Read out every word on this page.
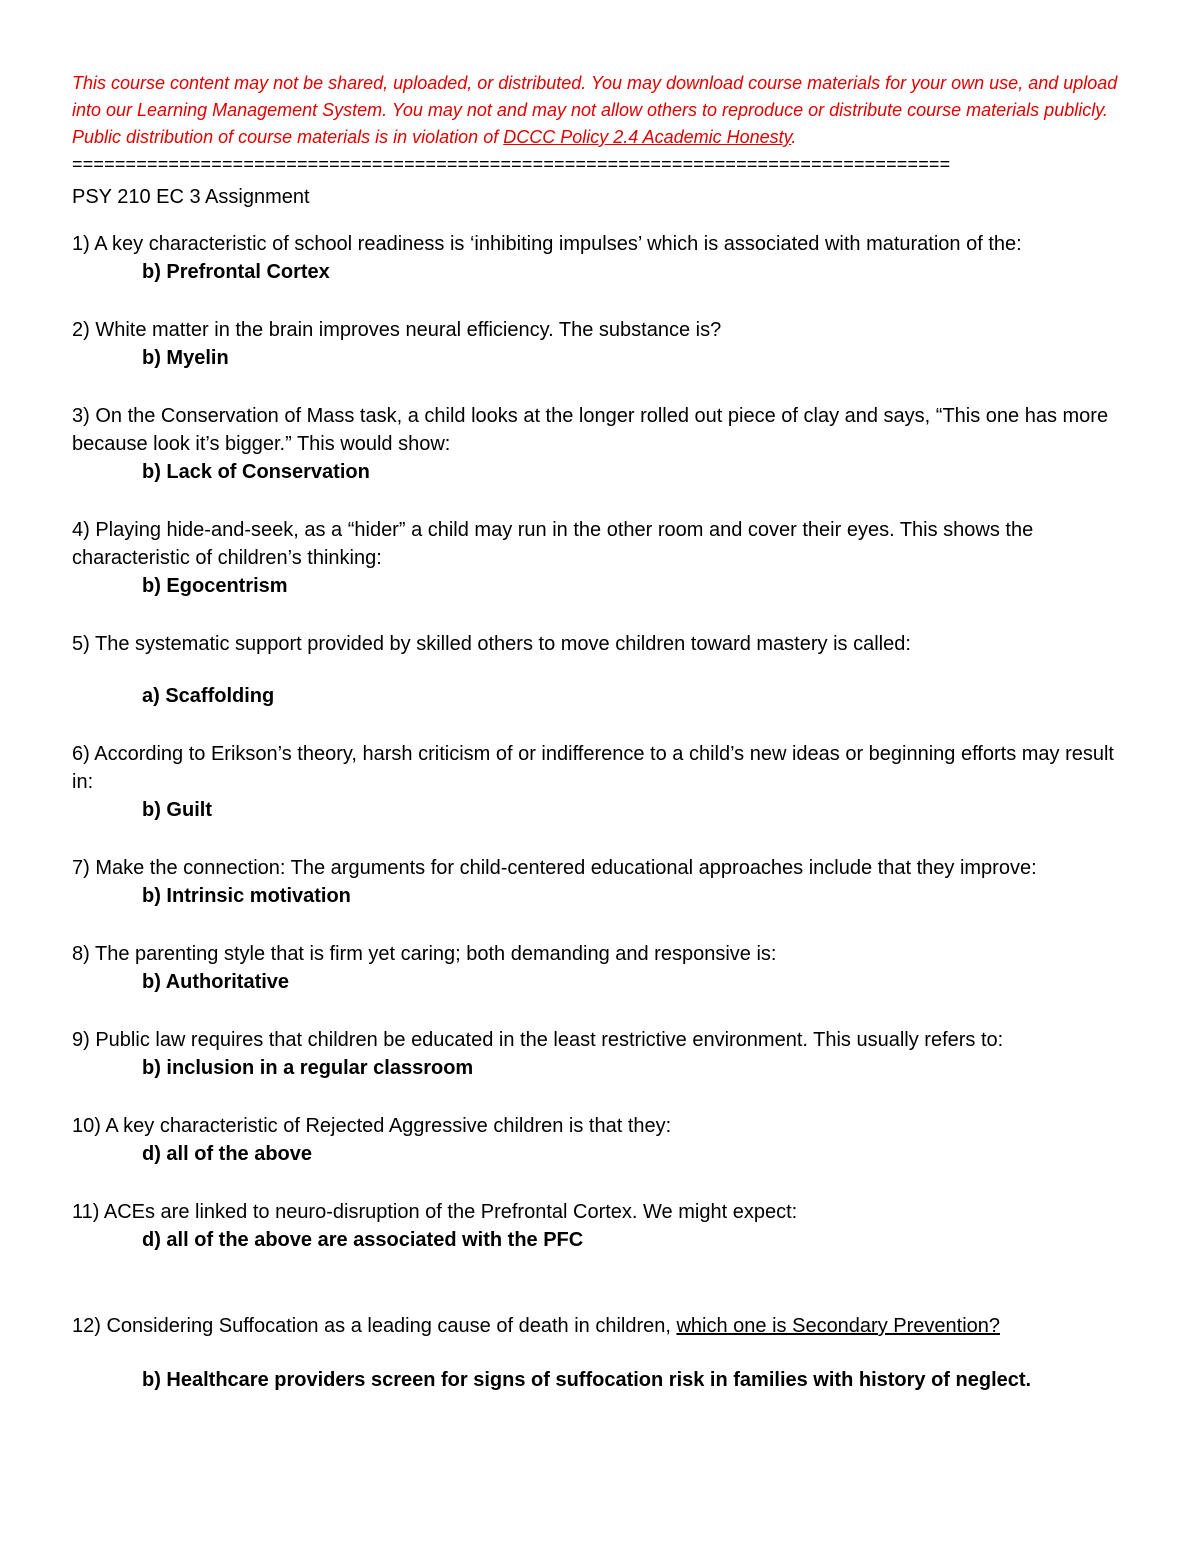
This course content may not be shared, uploaded, or distributed. You may download course materials for your own use, and upload into our Learning Management System. You may not and may not allow others to reproduce or distribute course materials publicly. Public distribution of course materials is in violation of DCCC Policy 2.4 Academic Honesty.

==================================================================================
PSY 210 EC 3 Assignment

1) A key characteristic of school readiness is ‘inhibiting impulses’ which is associated with maturation of the:

b) Prefrontal Cortex

2) White matter in the brain improves neural efficiency. The substance is?

b) Myelin

3) On the Conservation of Mass task, a child looks at the longer rolled out piece of clay and says, “This one has more because look it’s bigger.” This would show:

b) Lack of Conservation

4) Playing hide-and-seek, as a “hider” a child may run in the other room and cover their eyes. This shows the characteristic of children’s thinking:

b) Egocentrism

5) The systematic support provided by skilled others to move children toward mastery is called:

a) Scaffolding

6) According to Erikson’s theory, harsh criticism of or indifference to a child’s new ideas or beginning efforts may result in:

b) Guilt

7) Make the connection: The arguments for child-centered educational approaches include that they improve:

b) Intrinsic motivation

8) The parenting style that is firm yet caring; both demanding and responsive is:

b) Authoritative

9) Public law requires that children be educated in the least restrictive environment. This usually refers to:

b) inclusion in a regular classroom

10) A key characteristic of Rejected Aggressive children is that they:

d) all of the above

11) ACEs are linked to neuro-disruption of the Prefrontal Cortex. We might expect:

d) all of the above are associated with the PFC

12) Considering Suffocation as a leading cause of death in children, which one is Secondary Prevention?

b) Healthcare providers screen for signs of suffocation risk in families with history of neglect.
